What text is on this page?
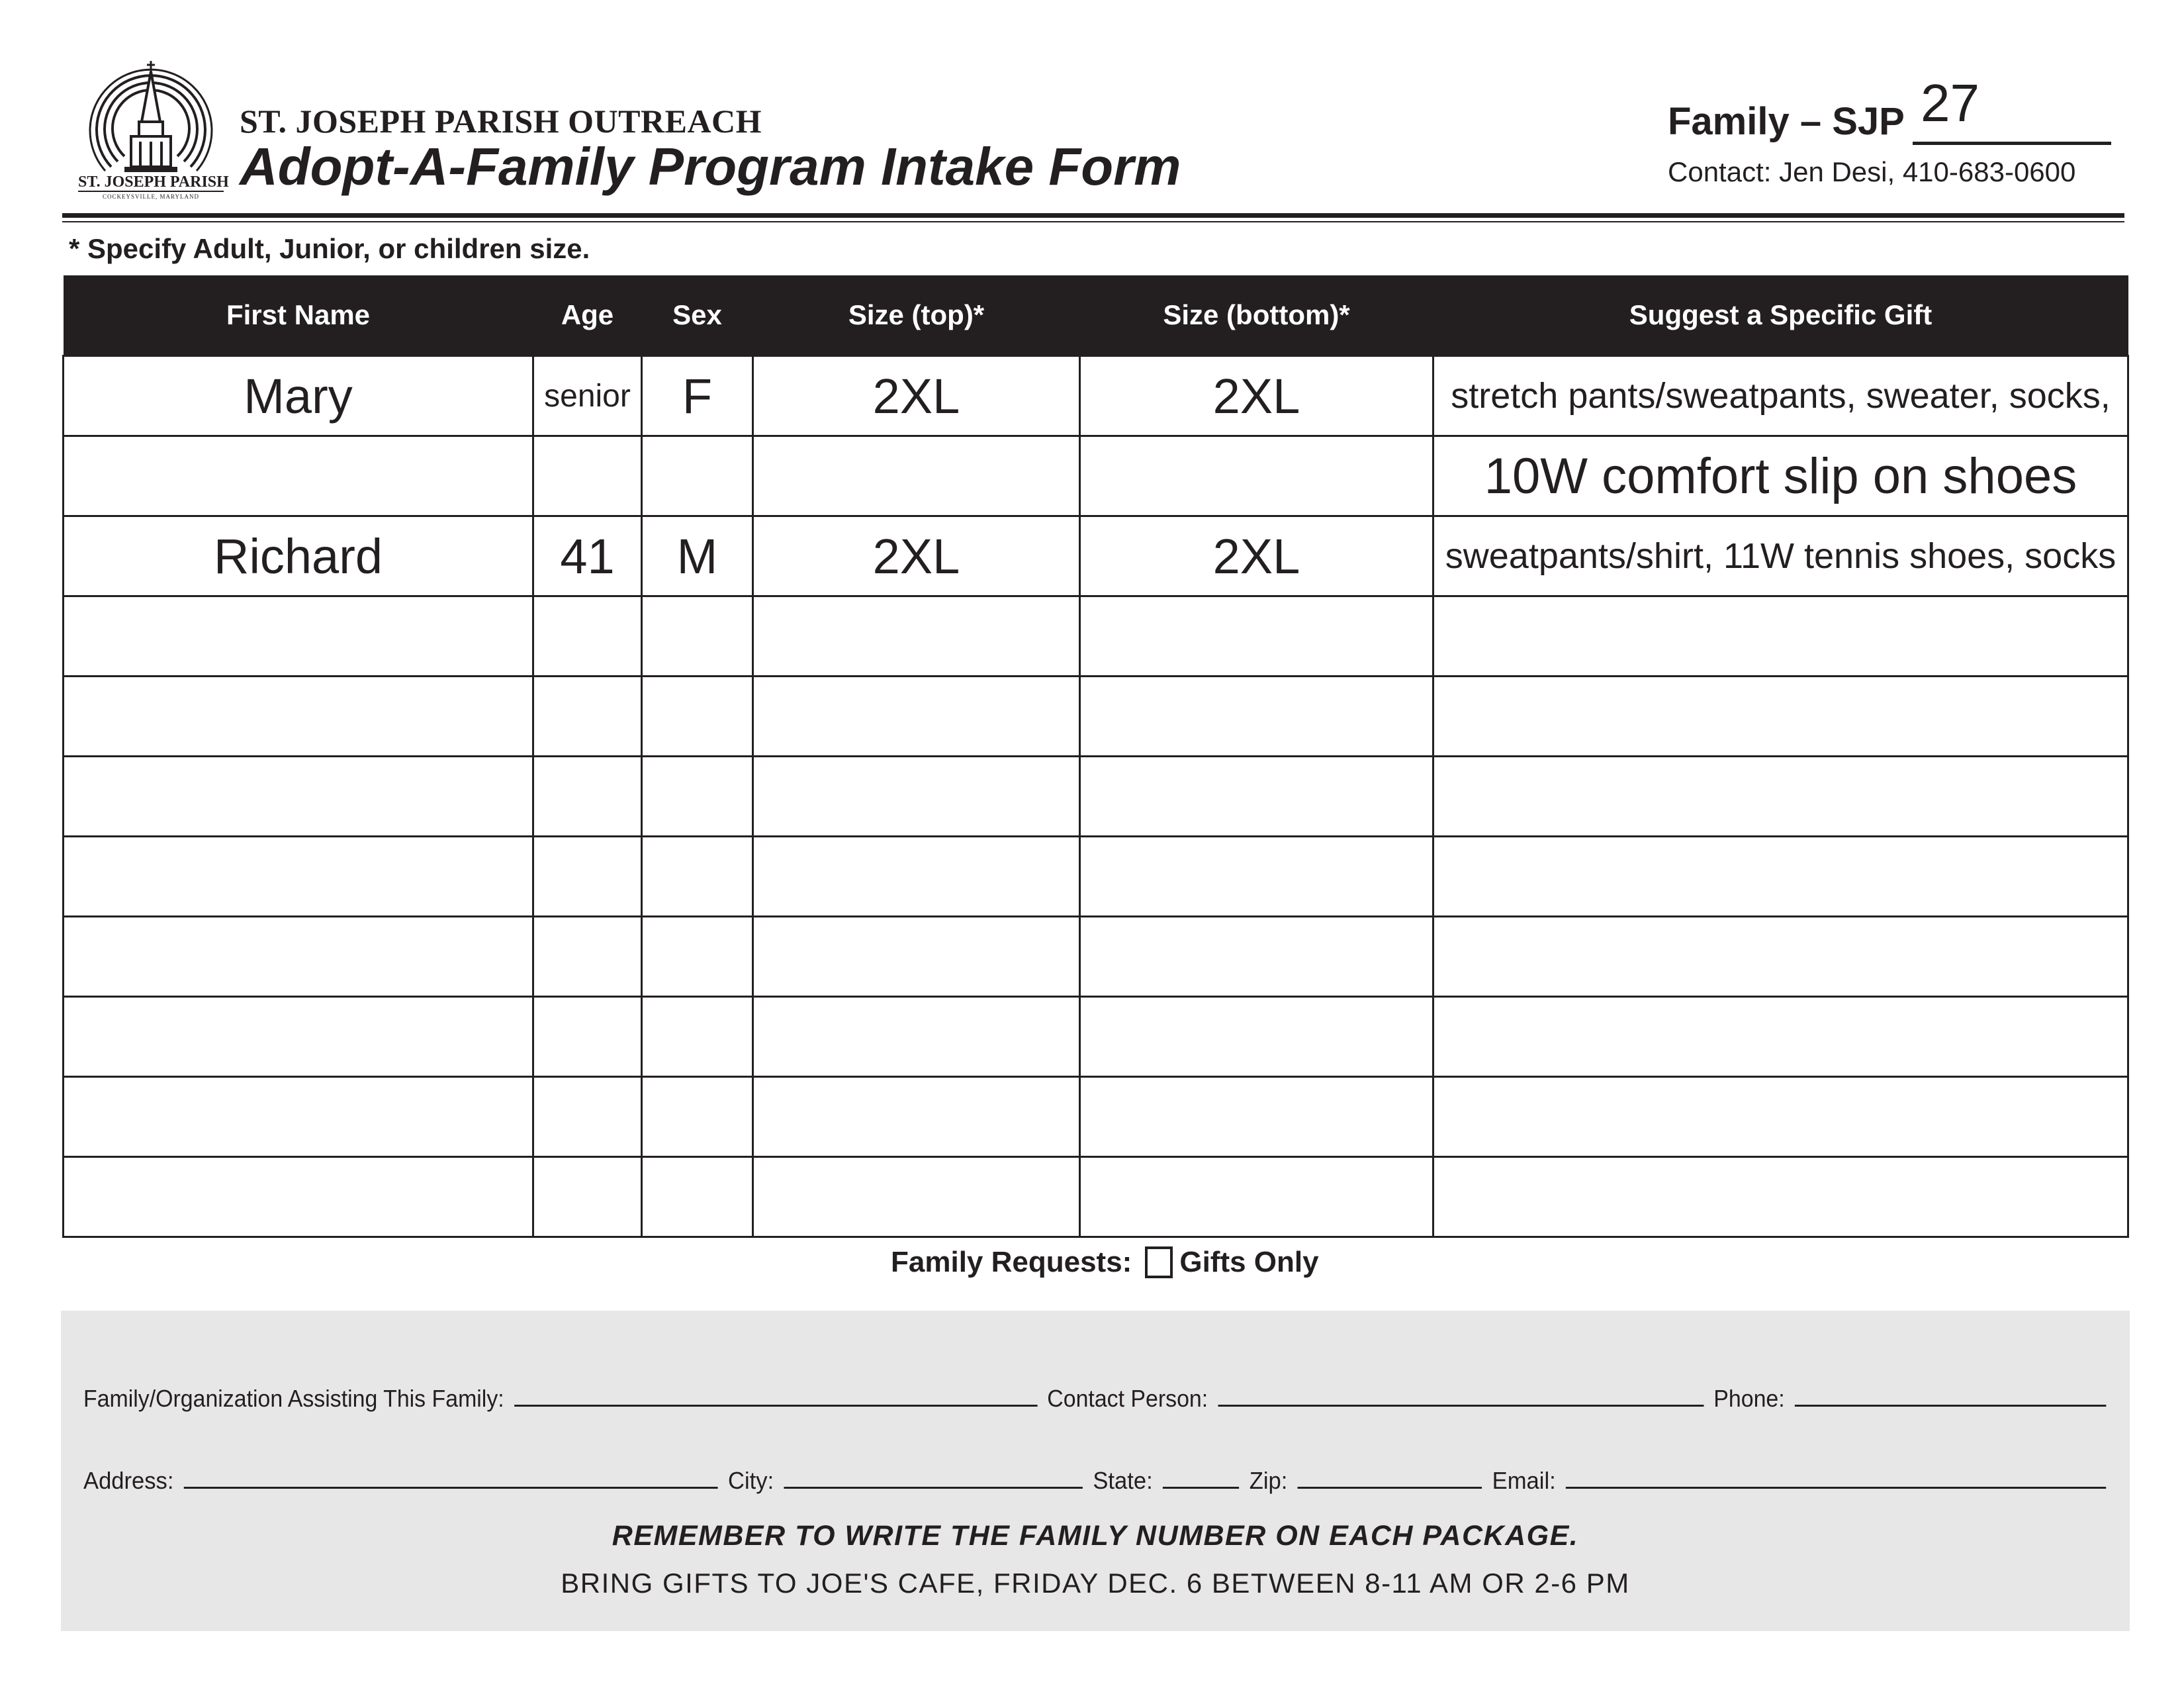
ST. JOSEPH PARISH
COCKEYSVILLE, MARYLAND
ST. JOSEPH PARISH OUTREACH
Adopt-A-Family Program Intake Form
Family – SJP 27
Contact: Jen Desi, 410-683-0600
* Specify Adult, Junior, or children size.
First Name	Age	Sex	Size (top)*	Size (bottom)*	Suggest a Specific Gift
Mary	senior	F	2XL	2XL	stretch pants/sweatpants, sweater, socks,
					10W comfort slip on shoes
Richard	41	M	2XL	2XL	sweatpants/shirt, 11W tennis shoes, socks

Family Requests: Gifts Only
Family/Organization Assisting This Family:	Contact Person:	Phone:
Address:	City:	State:	Zip:	Email:
REMEMBER TO WRITE THE FAMILY NUMBER ON EACH PACKAGE.
BRING GIFTS TO JOE'S CAFE, FRIDAY DEC. 6 BETWEEN 8-11 AM OR 2-6 PM
